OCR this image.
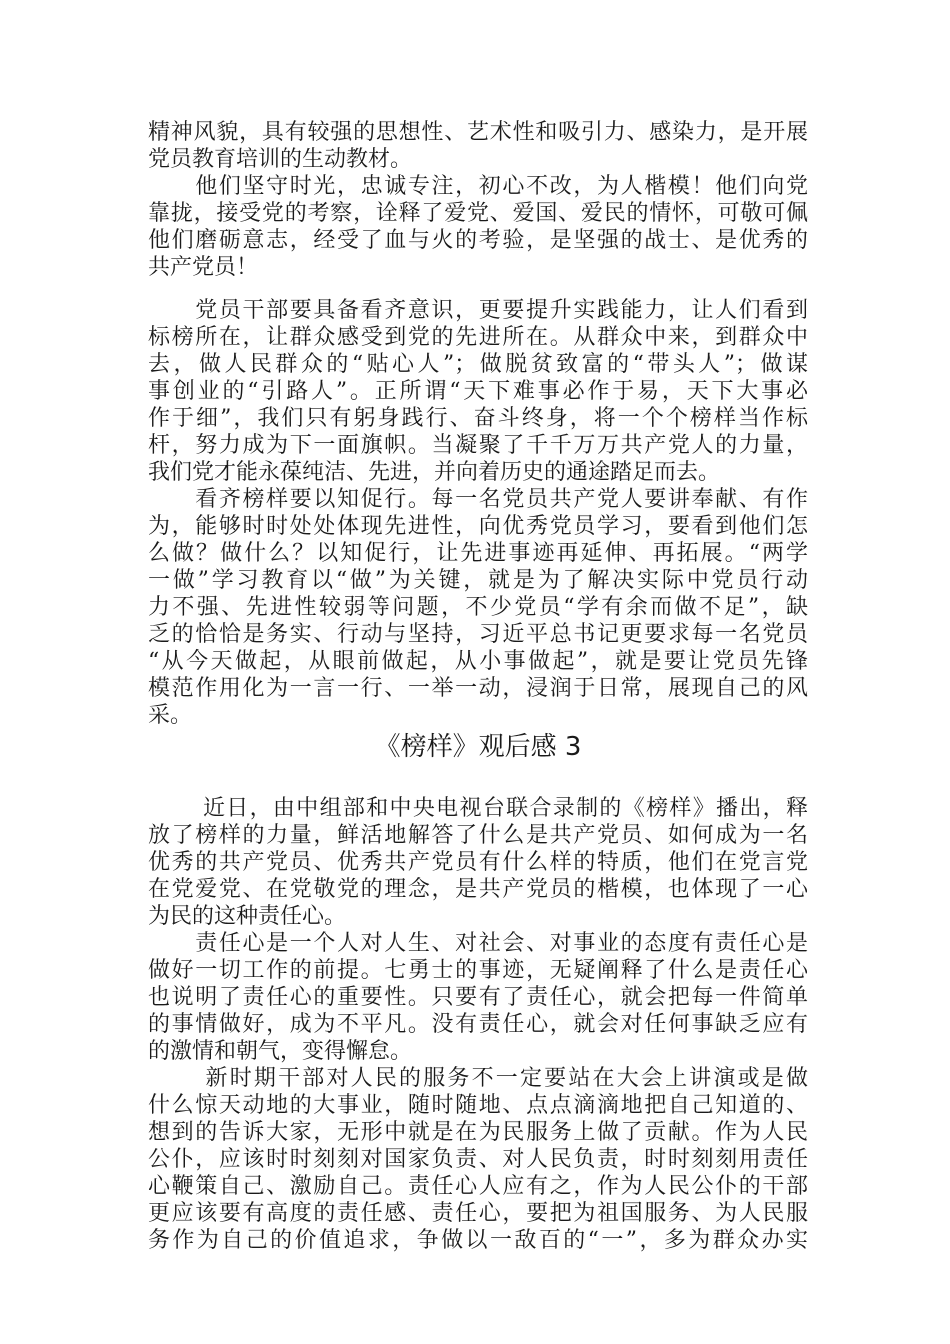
精神风貌，具有较强的思想性、艺术性和吸引力、感染力，是开展
党员教育培训的生动教材。
　　他们坚守时光，忠诚专注，初心不改，为人楷模！他们向党
靠拢，接受党的考察，诠释了爱党、爱国、爱民的情怀，可敬可佩
他们磨砺意志，经受了血与火的考验，是坚强的战士、是优秀的
共产党员！
　　党员干部要具备看齐意识，更要提升实践能力，让人们看到
标榜所在，让群众感受到党的先进所在。从群众中来，到群众中
去，做人民群众的“贴心人”；做脱贫致富的“带头人”；做谋
事创业的“引路人”。正所谓“天下难事必作于易，天下大事必
作于细”，我们只有躬身践行、奋斗终身，将一个个榜样当作标
杆，努力成为下一面旗帜。当凝聚了千千万万共产党人的力量，
我们党才能永葆纯洁、先进，并向着历史的通途踏足而去。
　　看齐榜样要以知促行。每一名党员共产党人要讲奉献、有作
为，能够时时处处体现先进性，向优秀党员学习，要看到他们怎
么做？做什么？以知促行，让先进事迹再延伸、再拓展。“两学
一做”学习教育以“做”为关键，就是为了解决实际中党员行动
力不强、先进性较弱等问题，不少党员“学有余而做不足”，缺
乏的恰恰是务实、行动与坚持，习近平总书记更要求每一名党员
“从今天做起，从眼前做起，从小事做起”，就是要让党员先锋
模范作用化为一言一行、一举一动，浸润于日常，展现自己的风
采。
《榜样》观后感 3
　　 近日，由中组部和中央电视台联合录制的《榜样》播出，释
放了榜样的力量，鲜活地解答了什么是共产党员、如何成为一名
优秀的共产党员、优秀共产党员有什么样的特质，他们在党言党
在党爱党、在党敬党的理念，是共产党员的楷模，也体现了一心
为民的这种责任心。
　　责任心是一个人对人生、对社会、对事业的态度有责任心是
做好一切工作的前提。七勇士的事迹，无疑阐释了什么是责任心
也说明了责任心的重要性。只要有了责任心，就会把每一件简单
的事情做好，成为不平凡。没有责任心，就会对任何事缺乏应有
的激情和朝气，变得懈怠。
　　 新时期干部对人民的服务不一定要站在大会上讲演或是做
什么惊天动地的大事业，随时随地、点点滴滴地把自己知道的、
想到的告诉大家，无形中就是在为民服务上做了贡献。作为人民
公仆，应该时时刻刻对国家负责、对人民负责，时时刻刻用责任
心鞭策自己、激励自己。责任心人应有之，作为人民公仆的干部
更应该要有高度的责任感、责任心，要把为祖国服务、为人民服
务作为自己的价值追求，争做以一敌百的“一”，多为群众办实
